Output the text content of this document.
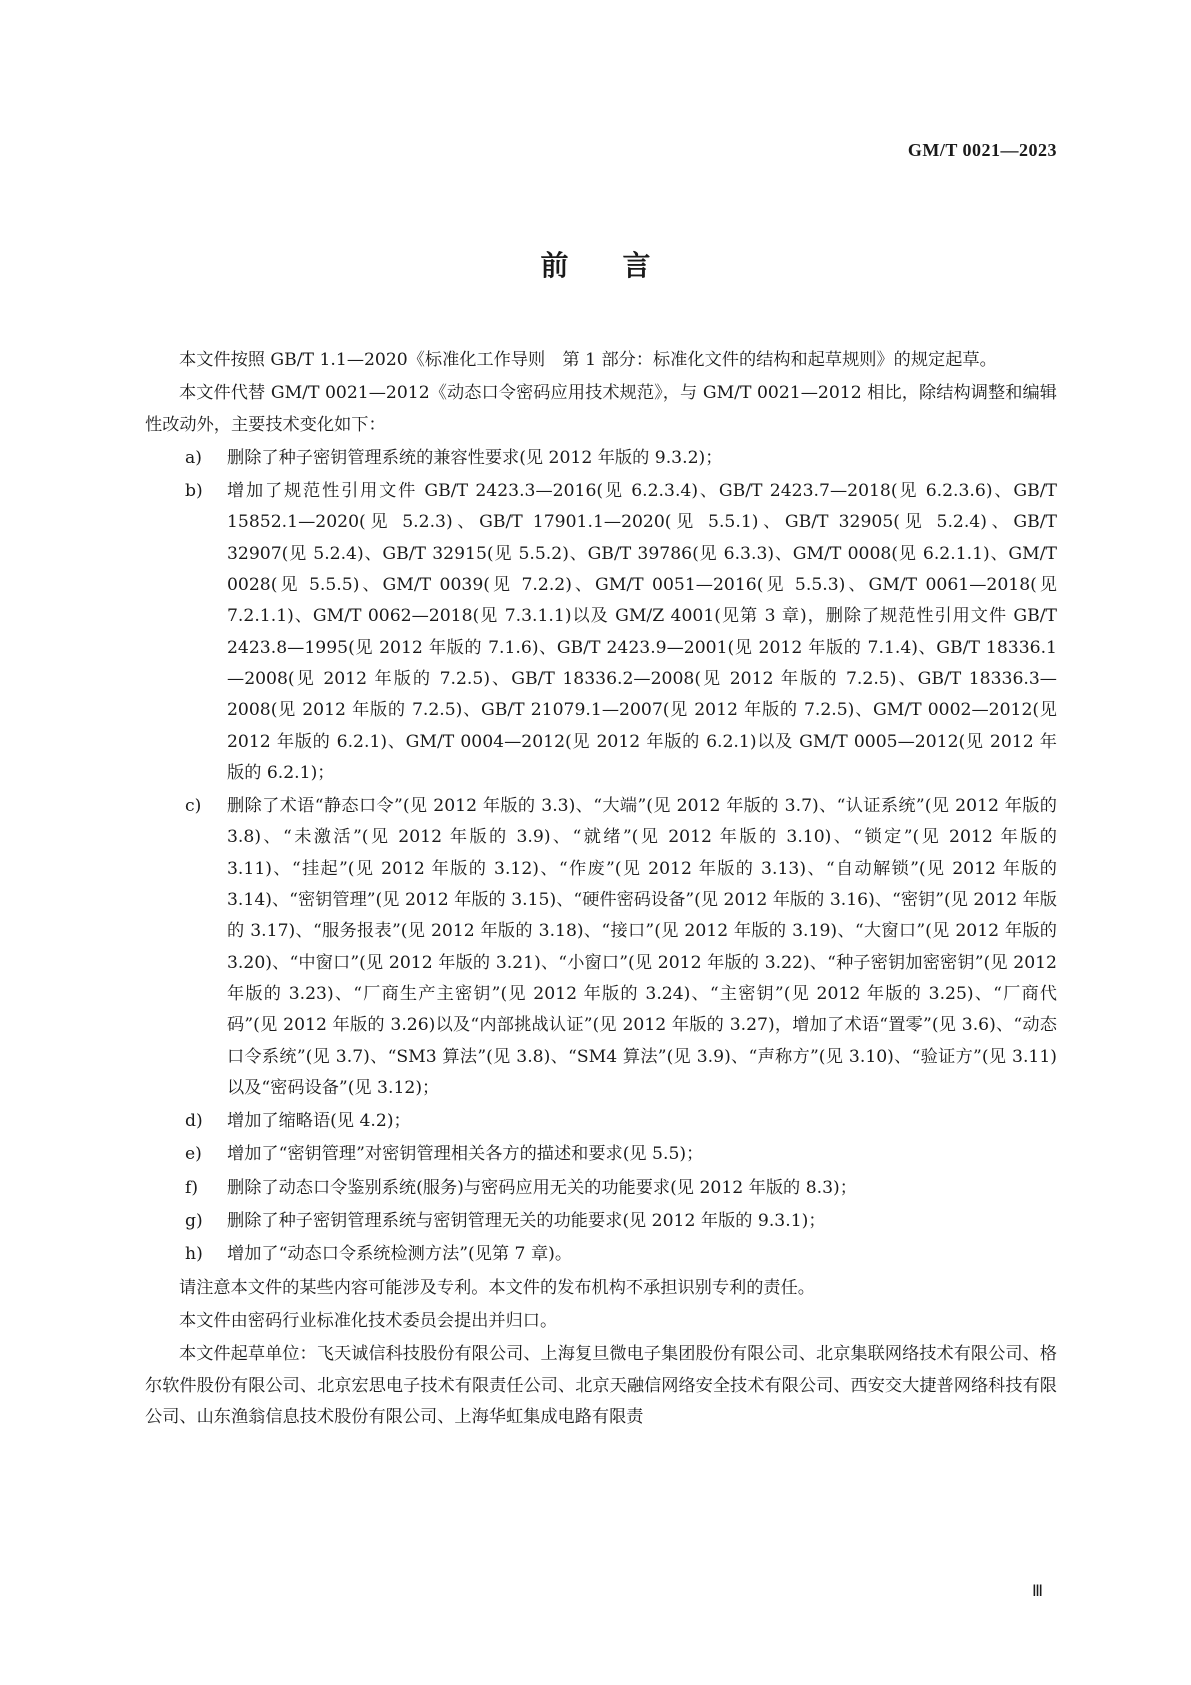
GM/T 0021—2023
前言

本文件按照 GB/T 1.1—2020《标准化工作导则　第 1 部分：标准化文件的结构和起草规则》的规定起草。

本文件代替 GM/T 0021—2012《动态口令密码应用技术规范》，与 GM/T 0021—2012 相比，除结构调整和编辑性改动外，主要技术变化如下：

a)	删除了种子密钥管理系统的兼容性要求(见 2012 年版的 9.3.2)；
b)	增加了规范性引用文件 GB/T 2423.3—2016(见 6.2.3.4)、GB/T 2423.7—2018(见 6.2.3.6)、GB/T 15852.1—2020(见 5.2.3)、GB/T 17901.1—2020(见 5.5.1)、GB/T 32905(见 5.2.4)、GB/T 32907(见 5.2.4)、GB/T 32915(见 5.5.2)、GB/T 39786(见 6.3.3)、GM/T 0008(见 6.2.1.1)、GM/T 0028(见 5.5.5)、GM/T 0039(见 7.2.2)、GM/T 0051—2016(见 5.5.3)、GM/T 0061—2018(见 7.2.1.1)、GM/T 0062—2018(见 7.3.1.1)以及 GM/Z 4001(见第 3 章)，删除了规范性引用文件 GB/T 2423.8—1995(见 2012 年版的 7.1.6)、GB/T 2423.9—2001(见 2012 年版的 7.1.4)、GB/T 18336.1—2008(见 2012 年版的 7.2.5)、GB/T 18336.2—2008(见 2012 年版的 7.2.5)、GB/T 18336.3—2008(见 2012 年版的 7.2.5)、GB/T 21079.1—2007(见 2012 年版的 7.2.5)、GM/T 0002—2012(见 2012 年版的 6.2.1)、GM/T 0004—2012(见 2012 年版的 6.2.1)以及 GM/T 0005—2012(见 2012 年版的 6.2.1)；
c)	删除了术语“静态口令”(见 2012 年版的 3.3)、“大端”(见 2012 年版的 3.7)、“认证系统”(见 2012 年版的 3.8)、“未激活”(见 2012 年版的 3.9)、“就绪”(见 2012 年版的 3.10)、“锁定”(见 2012 年版的 3.11)、“挂起”(见 2012 年版的 3.12)、“作废”(见 2012 年版的 3.13)、“自动解锁”(见 2012 年版的 3.14)、“密钥管理”(见 2012 年版的 3.15)、“硬件密码设备”(见 2012 年版的 3.16)、“密钥”(见 2012 年版的 3.17)、“服务报表”(见 2012 年版的 3.18)、“接口”(见 2012 年版的 3.19)、“大窗口”(见 2012 年版的 3.20)、“中窗口”(见 2012 年版的 3.21)、“小窗口”(见 2012 年版的 3.22)、“种子密钥加密密钥”(见 2012 年版的 3.23)、“厂商生产主密钥”(见 2012 年版的 3.24)、“主密钥”(见 2012 年版的 3.25)、“厂商代码”(见 2012 年版的 3.26)以及“内部挑战认证”(见 2012 年版的 3.27)，增加了术语“置零”(见 3.6)、“动态口令系统”(见 3.7)、“SM3 算法”(见 3.8)、“SM4 算法”(见 3.9)、“声称方”(见 3.10)、“验证方”(见 3.11)以及“密码设备”(见 3.12)；
d)	增加了缩略语(见 4.2)；
e)	增加了“密钥管理”对密钥管理相关各方的描述和要求(见 5.5)；
f)	删除了动态口令鉴别系统(服务)与密码应用无关的功能要求(见 2012 年版的 8.3)；
g)	删除了种子密钥管理系统与密钥管理无关的功能要求(见 2012 年版的 9.3.1)；
h)	增加了“动态口令系统检测方法”(见第 7 章)。

请注意本文件的某些内容可能涉及专利。本文件的发布机构不承担识别专利的责任。

本文件由密码行业标准化技术委员会提出并归口。

本文件起草单位：飞天诚信科技股份有限公司、上海复旦微电子集团股份有限公司、北京集联网络技术有限公司、格尔软件股份有限公司、北京宏思电子技术有限责任公司、北京天融信网络安全技术有限公司、西安交大捷普网络科技有限公司、山东渔翁信息技术股份有限公司、上海华虹集成电路有限责

Ⅲ
